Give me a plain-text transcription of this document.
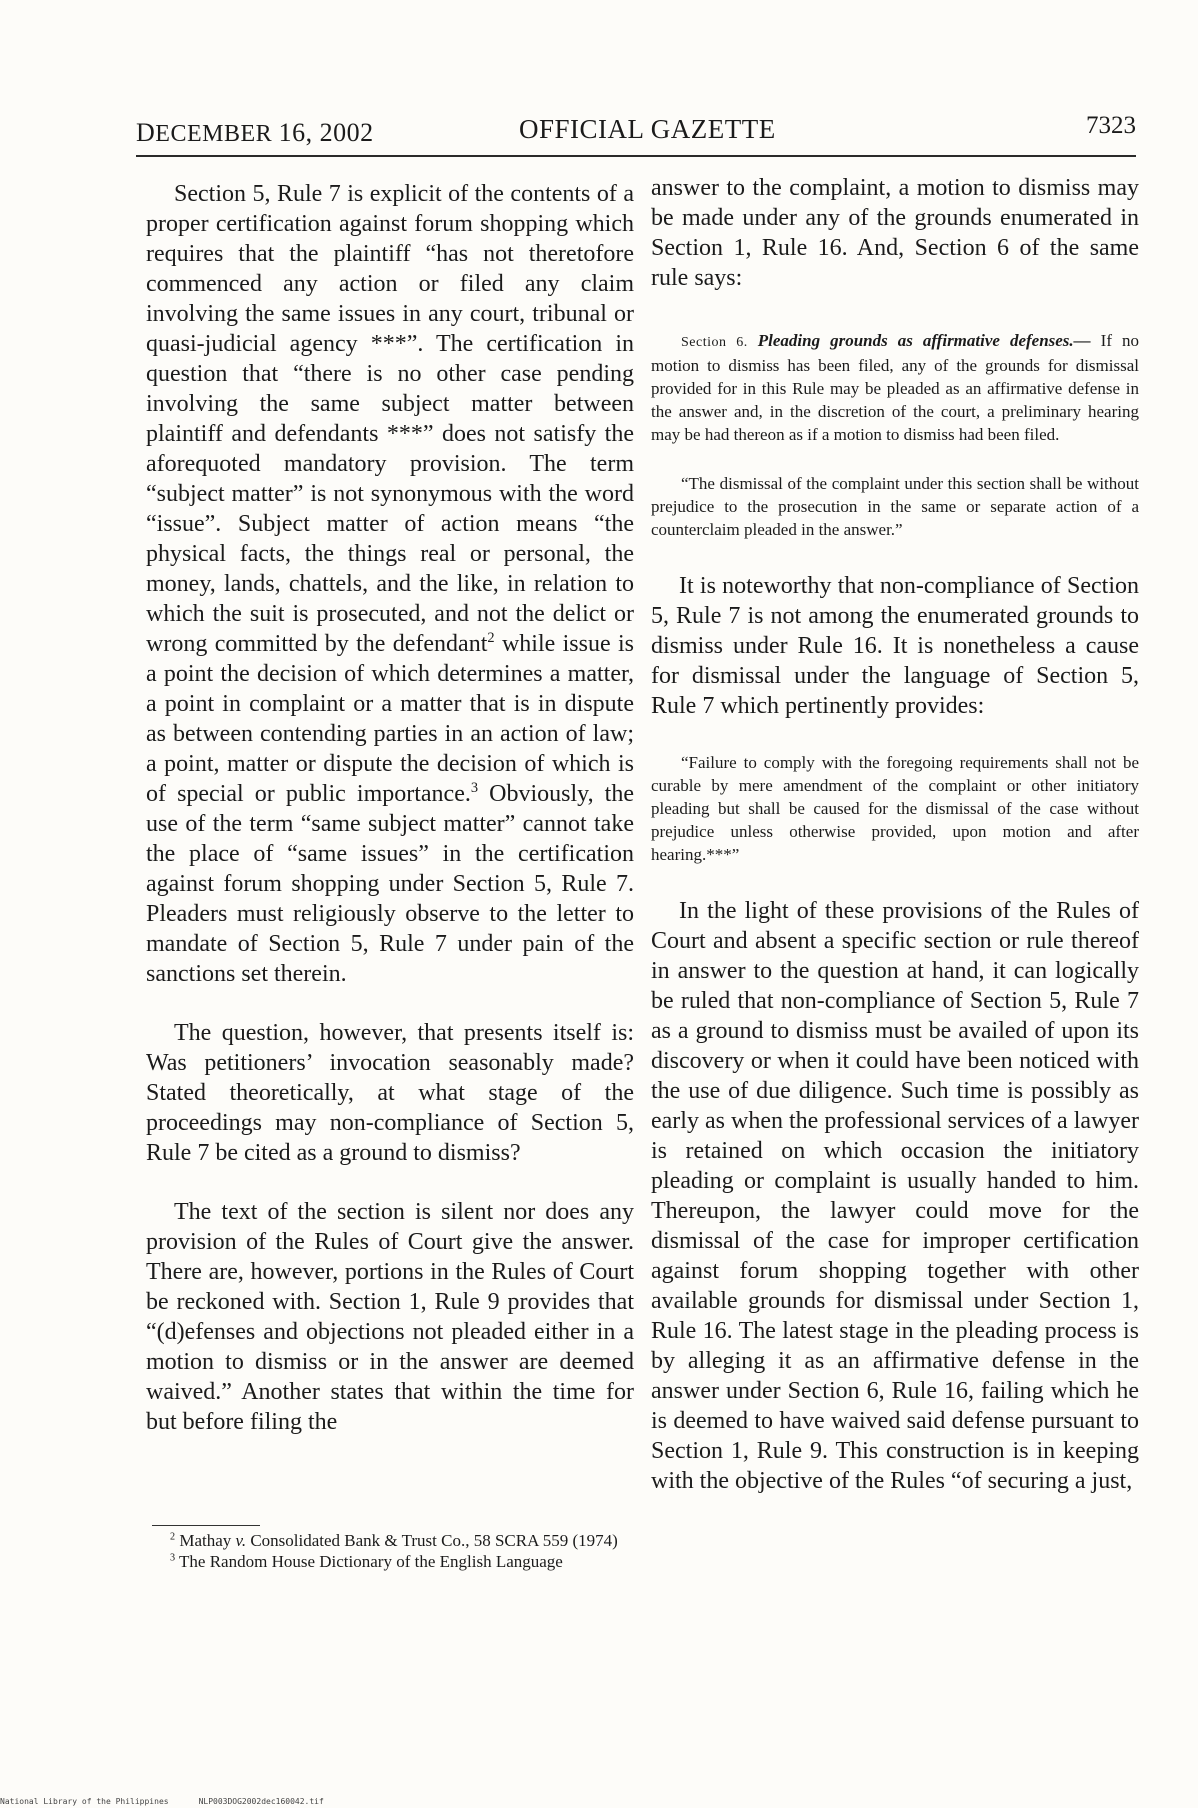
DECEMBER 16, 2002	OFFICIAL GAZETTE	7323

Section 5, Rule 7 is explicit of the contents of a proper certification against forum shopping which requires that the plaintiff “has not theretofore commenced any action or filed any claim involving the same issues in any court, tribunal or quasi-judicial agency ***”. The certification in question that “there is no other case pending involving the same subject matter between plaintiff and defendants ***” does not satisfy the aforequoted mandatory provision. The term “subject matter” is not synonymous with the word “issue”. Subject matter of action means “the physical facts, the things real or personal, the money, lands, chattels, and the like, in relation to which the suit is prosecuted, and not the delict or wrong committed by the defendant$^2$ while issue is a point the decision of which determines a matter, a point in complaint or a matter that is in dispute as between contending parties in an action of law; a point, matter or dispute the decision of which is of special or public importance.$^3$ Obviously, the use of the term “same subject matter” cannot take the place of “same issues” in the certification against forum shopping under Section 5, Rule 7. Pleaders must religiously observe to the letter to mandate of Section 5, Rule 7 under pain of the sanctions set therein.

The question, however, that presents itself is: Was petitioners’ invocation seasonably made? Stated theoretically, at what stage of the proceedings may non-compliance of Section 5, Rule 7 be cited as a ground to dismiss?

The text of the section is silent nor does any provision of the Rules of Court give the answer. There are, however, portions in the Rules of Court be reckoned with. Section 1, Rule 9 provides that “(d)efenses and objections not pleaded either in a motion to dismiss or in the answer are deemed waived.” Another states that within the time for but before filing the

$^2$ Mathay v. Consolidated Bank & Trust Co., 58 SCRA 559 (1974)

$^3$ The Random House Dictionary of the English Language

answer to the complaint, a motion to dismiss may be made under any of the grounds enumerated in Section 1, Rule 16. And, Section 6 of the same rule says:

Section 6. Pleading grounds as affirmative defenses.— If no motion to dismiss has been filed, any of the grounds for dismissal provided for in this Rule may be pleaded as an affirmative defense in the answer and, in the discretion of the court, a preliminary hearing may be had thereon as if a motion to dismiss had been filed.

“The dismissal of the complaint under this section shall be without prejudice to the prosecution in the same or separate action of a counterclaim pleaded in the answer.”

It is noteworthy that non-compliance of Section 5, Rule 7 is not among the enumerated grounds to dismiss under Rule 16. It is nonetheless a cause for dismissal under the language of Section 5, Rule 7 which pertinently provides:

“Failure to comply with the foregoing requirements shall not be curable by mere amendment of the complaint or other initiatory pleading but shall be caused for the dismissal of the case without prejudice unless otherwise provided, upon motion and after hearing.***”

In the light of these provisions of the Rules of Court and absent a specific section or rule thereof in answer to the question at hand, it can logically be ruled that non-compliance of Section 5, Rule 7 as a ground to dismiss must be availed of upon its discovery or when it could have been noticed with the use of due diligence. Such time is possibly as early as when the professional services of a lawyer is retained on which occasion the initiatory pleading or complaint is usually handed to him. Thereupon, the lawyer could move for the dismissal of the case for improper certification against forum shopping together with other available grounds for dismissal under Section 1, Rule 16. The latest stage in the pleading process is by alleging it as an affirmative defense in the answer under Section 6, Rule 16, failing which he is deemed to have waived said defense pursuant to Section 1, Rule 9. This construction is in keeping with the objective of the Rules “of securing a just,

National Library of the Philippines	NLP003DOG2002dec160042.tif
